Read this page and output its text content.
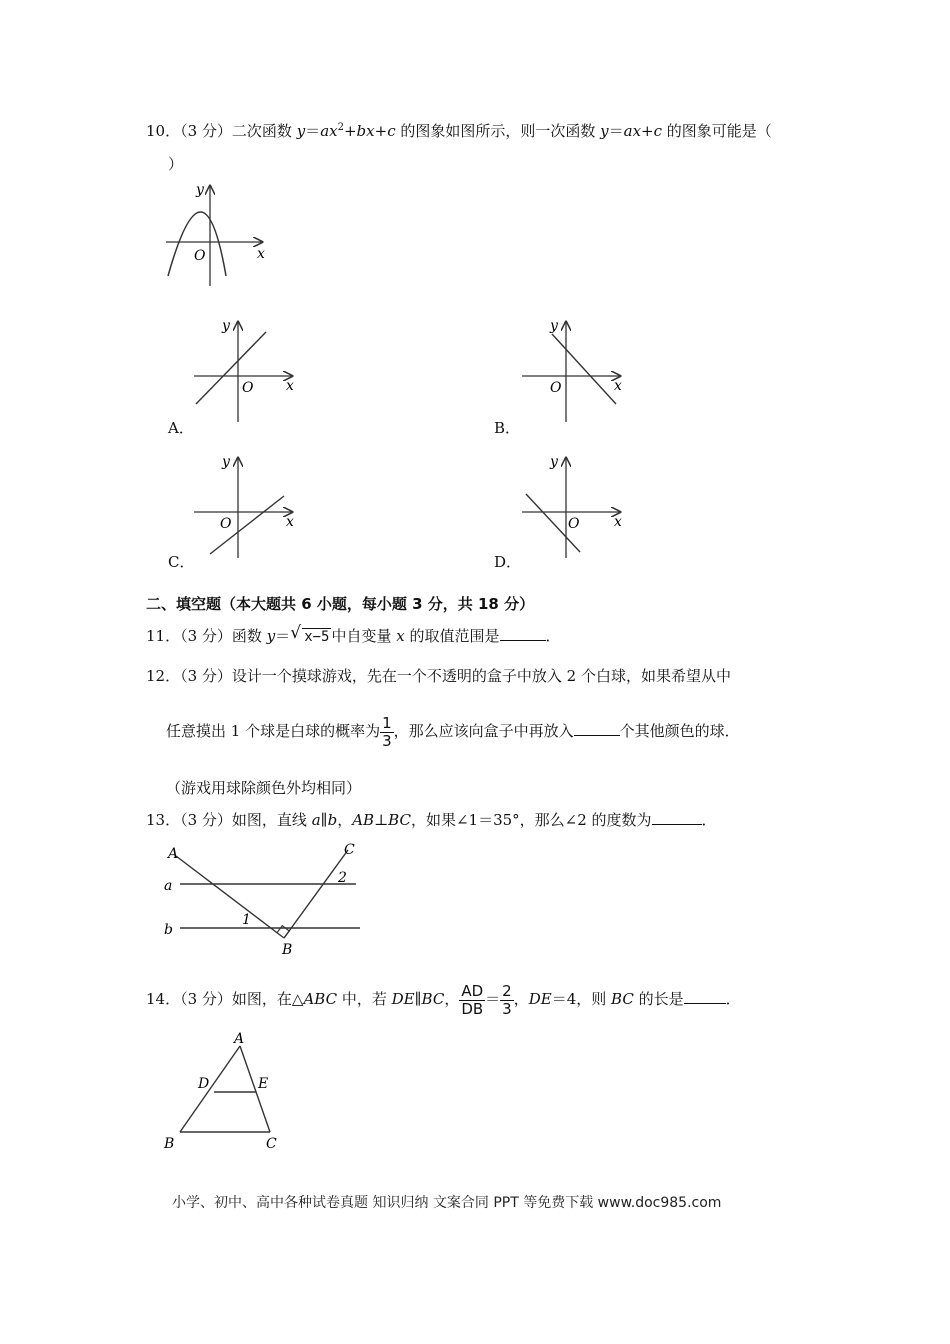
10．（3 分）二次函数 $y=ax^2+bx+c$ 的图象如图所示，则一次函数 y＝ax+c 的图象可能是（
）
y
x
O
y
x
O
A．
y
x
O
B．
y
x
O
C．
y
x
O
D．
二、填空题（本大题共 6 小题，每小题 3 分，共 18 分）
11．（3 分）函数 y＝ √ x−5 中自变量 x 的取值范围是	．
12．（3 分）设计一个摸球游戏，先在一个不透明的盒子中放入 2 个白球，如果希望从中
任意摸出 1 个球是白球的概率为 $\frac{1}{3}$ ，那么应该向盒子中再放入	个其他颜色的球．
（游戏用球除颜色外均相同）
13．（3 分）如图，直线 a∥b，AB⊥BC，如果∠1＝35°，那么∠2 的度数为	．
A	C
a
b
B
1
2
14．（3 分）如图，在△ABC 中，若 DE∥BC， $\frac{AD}{DB} = \frac{2}{3}$ ，DE＝4，则 BC 的长是	．
A
D	E
B	C
小学、初中、高中各种试卷真题 知识归纳 文案合同 PPT 等免费下载 www.doc985.com
